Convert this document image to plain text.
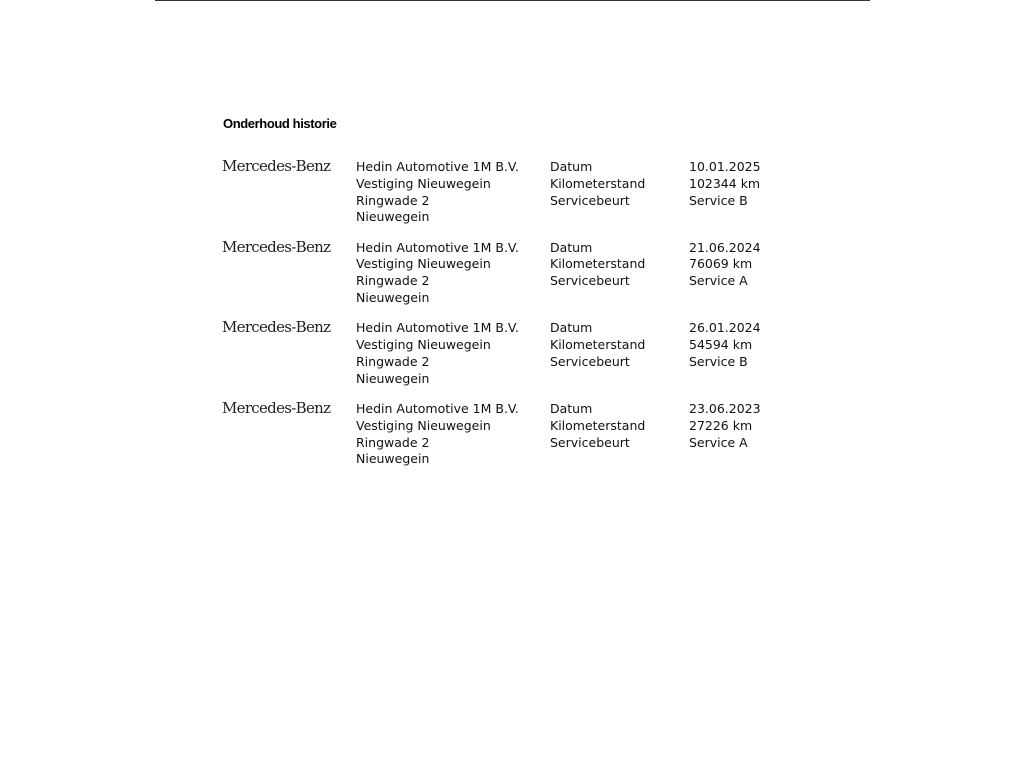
Onderhoud historie
Mercedes-Benz Hedin Automotive 1M B.V.
Vestiging Nieuwegein
Ringwade 2
Nieuwegein
Datum
Kilometerstand
Servicebeurt
10.01.2025
102344 km
Service B
Mercedes-Benz Hedin Automotive 1M B.V.
Vestiging Nieuwegein
Ringwade 2
Nieuwegein
Datum
Kilometerstand
Servicebeurt
21.06.2024
76069 km
Service A
Mercedes-Benz Hedin Automotive 1M B.V.
Vestiging Nieuwegein
Ringwade 2
Nieuwegein
Datum
Kilometerstand
Servicebeurt
26.01.2024
54594 km
Service B
Mercedes-Benz Hedin Automotive 1M B.V.
Vestiging Nieuwegein
Ringwade 2
Nieuwegein
Datum
Kilometerstand
Servicebeurt
23.06.2023
27226 km
Service A
